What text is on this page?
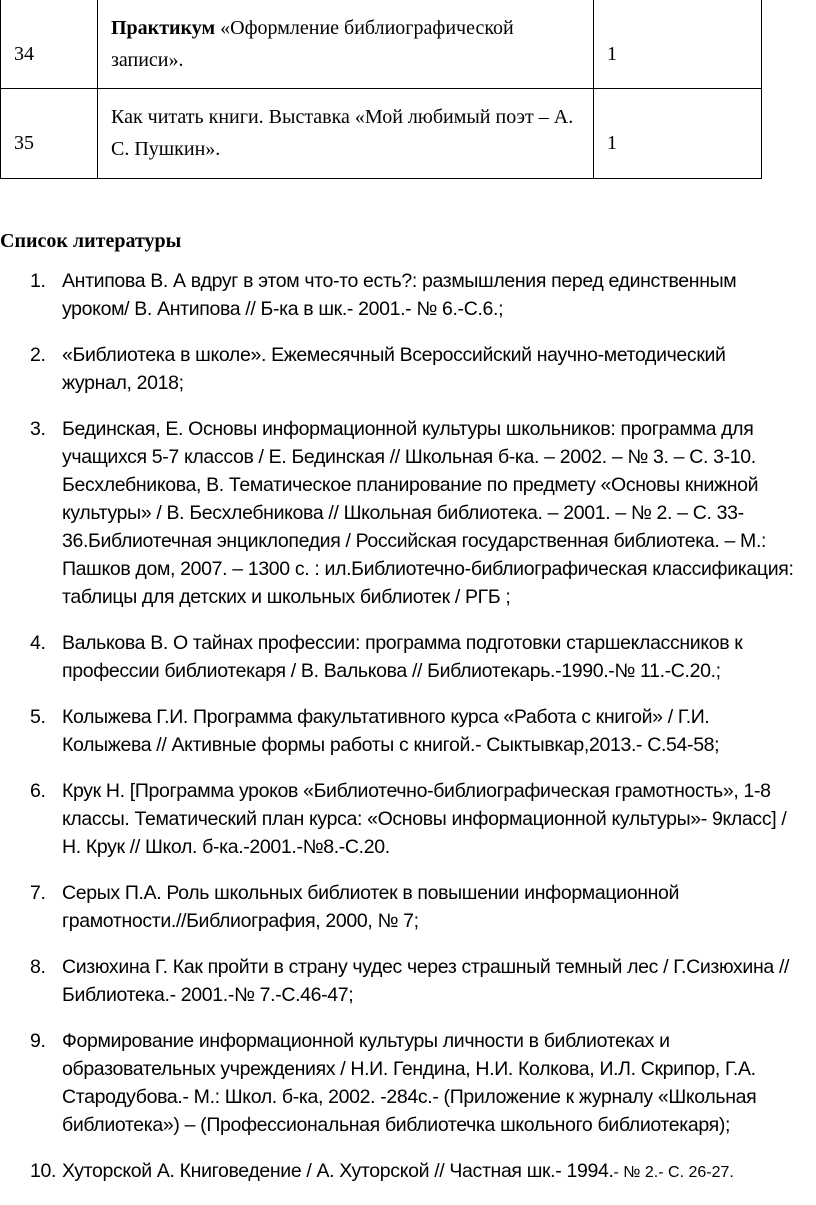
34	Практикум «Оформление библиографической записи».	1
35	Как читать книги. Выставка «Мой любимый поэт – А. С. Пушкин».	1
Список литературы
1. Антипова В. А вдруг в этом что-то есть?: размышления перед единственным уроком/ В. Антипова // Б-ка в шк.- 2001.- № 6.-С.6.;
2. «Библиотека в школе». Ежемесячный Всероссийский научно-методический журнал, 2018;
3. Бединская, Е. Основы информационной культуры школьников: программа для учащихся 5-7 классов / Е. Бединская // Школьная б-ка. – 2002. – № 3. – С. 3-10. Бесхлебникова, В. Тематическое планирование по предмету «Основы книжной культуры» / В. Бесхлебникова // Школьная библиотека. – 2001. – № 2. – С. 33-36.Библиотечная энциклопедия / Российская государственная библиотека. – М.: Пашков дом, 2007. – 1300 с. : ил.Библиотечно-библиографическая классификация: таблицы для детских и школьных библиотек / РГБ ;
4. Валькова В. О тайнах профессии: программа подготовки старшеклассников к профессии библиотекаря / В. Валькова // Библиотекарь.-1990.-№ 11.-С.20.;
5. Колыжева Г.И. Программа факультативного курса «Работа с книгой» / Г.И. Колыжева // Активные формы работы с книгой.- Сыктывкар,2013.- С.54-58;
6. Крук Н. [Программа уроков «Библиотечно-библиографическая грамотность», 1-8 классы. Тематический план курса: «Основы информационной культуры»- 9класс] / Н. Крук // Школ. б-ка.-2001.-№8.-С.20.
7. Серых П.А. Роль школьных библиотек в повышении информационной грамотности.//Библиография, 2000, № 7;
8. Сизюхина Г. Как пройти в страну чудес через страшный темный лес / Г.Сизюхина // Библиотека.- 2001.-№ 7.-С.46-47;
9. Формирование информационной культуры личности в библиотеках и образовательных учреждениях / Н.И. Гендина, Н.И. Колкова, И.Л. Скрипор, Г.А. Стародубова.- М.: Школ. б-ка, 2002. -284с.- (Приложение к журналу «Школьная библиотека») – (Профессиональная библиотечка школьного библиотекаря);
10. Хуторской А. Книговедение / А. Хуторской // Частная шк.- 1994.- № 2.- С. 26-27.
